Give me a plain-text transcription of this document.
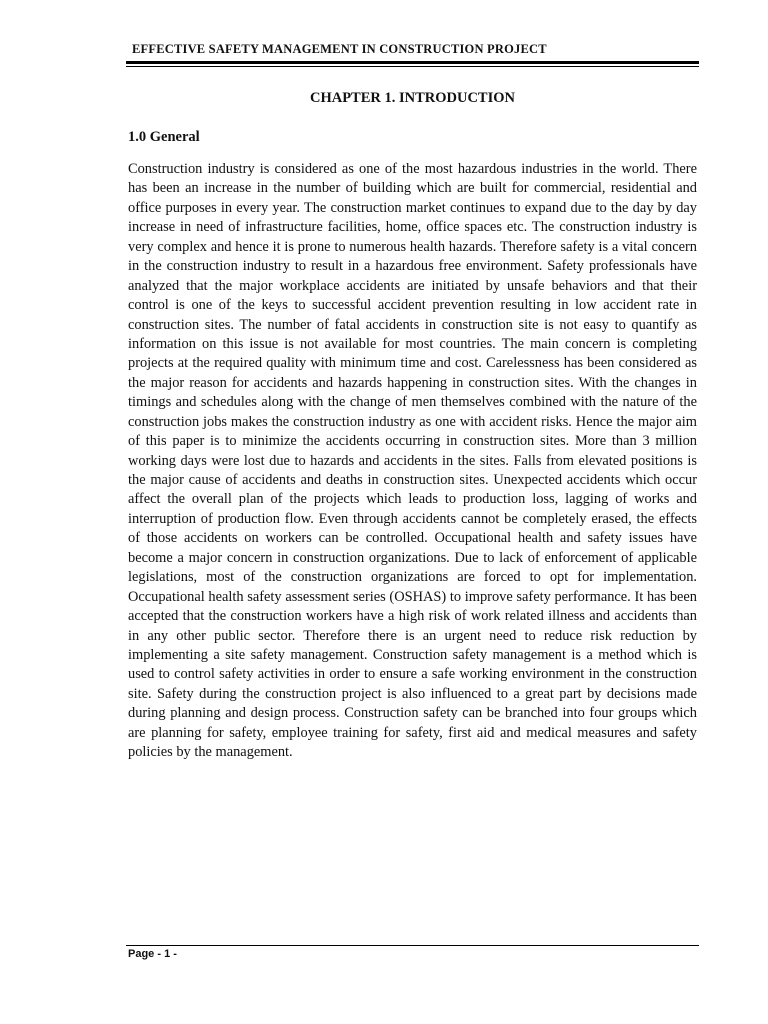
EFFECTIVE SAFETY MANAGEMENT IN CONSTRUCTION PROJECT
CHAPTER 1. INTRODUCTION
1.0 General

Construction industry is considered as one of the most hazardous industries in the world. There has been an increase in the number of building which are built for commercial, residential and office purposes in every year. The construction market continues to expand due to the day by day increase in need of infrastructure facilities, home, office spaces etc. The construction industry is very complex and hence it is prone to numerous health hazards. Therefore safety is a vital concern in the construction industry to result in a hazardous free environment. Safety professionals have analyzed that the major workplace accidents are initiated by unsafe behaviors and that their control is one of the keys to successful accident prevention resulting in low accident rate in construction sites. The number of fatal accidents in construction site is not easy to quantify as information on this issue is not available for most countries. The main concern is completing projects at the required quality with minimum time and cost. Carelessness has been considered as the major reason for accidents and hazards happening in construction sites. With the changes in timings and schedules along with the change of men themselves combined with the nature of the construction jobs makes the construction industry as one with accident risks. Hence the major aim of this paper is to minimize the accidents occurring in construction sites. More than 3 million working days were lost due to hazards and accidents in the sites. Falls from elevated positions is the major cause of accidents and deaths in construction sites. Unexpected accidents which occur affect the overall plan of the projects which leads to production loss, lagging of works and interruption of production flow. Even through accidents cannot be completely erased, the effects of those accidents on workers can be controlled. Occupational health and safety issues have become a major concern in construction organizations. Due to lack of enforcement of applicable legislations, most of the construction organizations are forced to opt for implementation. Occupational health safety assessment series (OSHAS) to improve safety performance. It has been accepted that the construction workers have a high risk of work related illness and accidents than in any other public sector. Therefore there is an urgent need to reduce risk reduction by implementing a site safety management. Construction safety management is a method which is used to control safety activities in order to ensure a safe working environment in the construction site. Safety during the construction project is also influenced to a great part by decisions made during planning and design process. Construction safety can be branched into four groups which are planning for safety, employee training for safety, first aid and medical measures and safety policies by the management.

Page - 1 -
